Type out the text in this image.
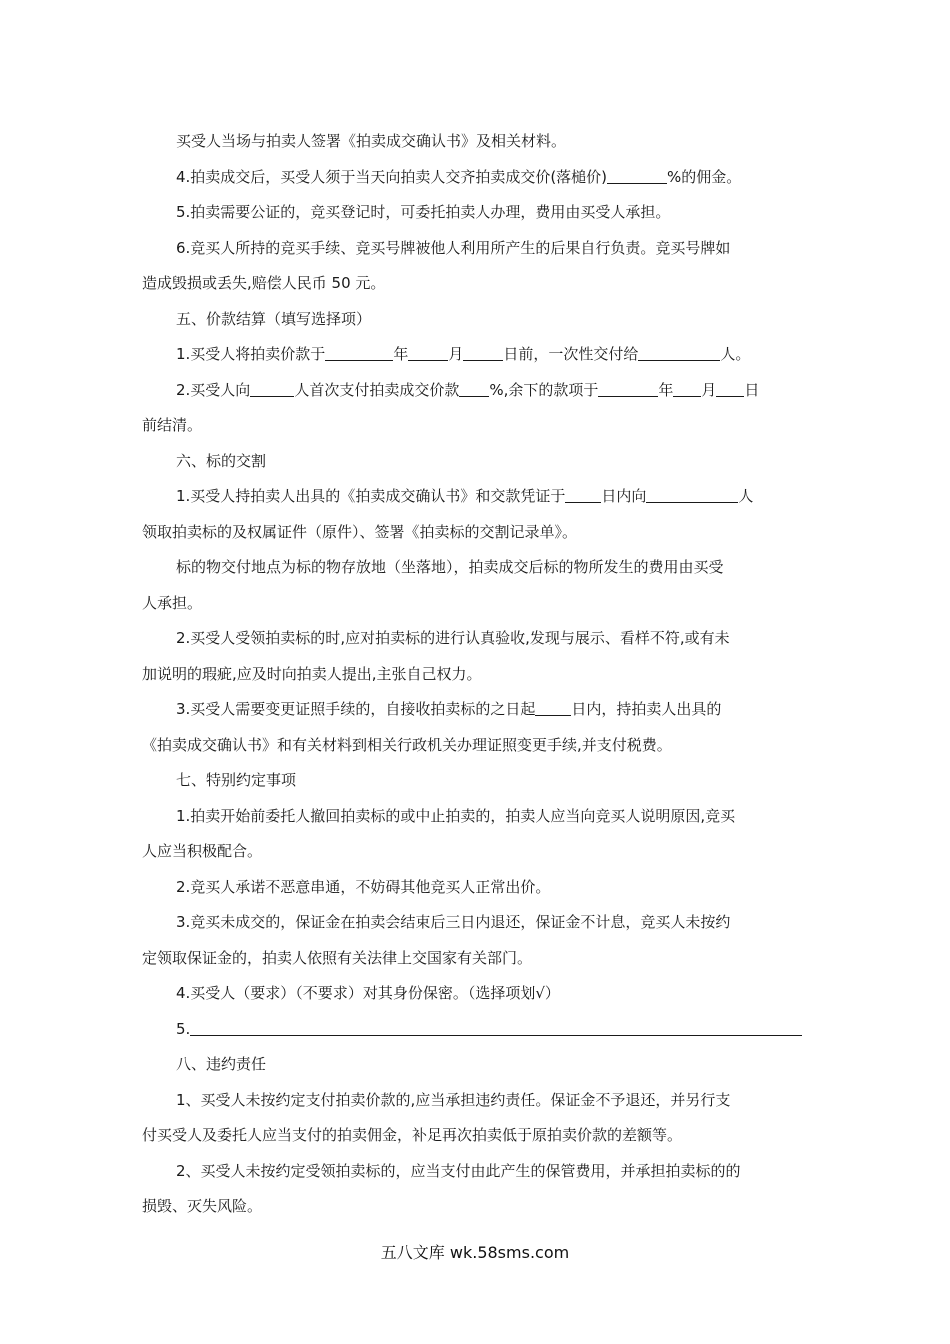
买受人当场与拍卖人签署《拍卖成交确认书》及相关材料。

4.拍卖成交后，买受人须于当天向拍卖人交齐拍卖成交价(落槌价)	%的佣金。

5.拍卖需要公证的，竞买登记时，可委托拍卖人办理，费用由买受人承担。

6.竞买人所持的竞买手续、竞买号牌被他人利用所产生的后果自行负责。竞买号牌如

造成毁损或丢失,赔偿人民币 50 元。

五、价款结算（填写选择项）

1.买受人将拍卖价款于	年	月	日前，一次性交付给	人。

2.买受人向	人首次支付拍卖成交价款 %,余下的款项于	年 月 日

前结清。

六、标的交割

1.买受人持拍卖人出具的《拍卖成交确认书》和交款凭证于 日内向	人

领取拍卖标的及权属证件（原件）、签署《拍卖标的交割记录单》。

标的物交付地点为标的物存放地（坐落地），拍卖成交后标的物所发生的费用由买受

人承担。

2.买受人受领拍卖标的时,应对拍卖标的进行认真验收,发现与展示、看样不符,或有未

加说明的瑕疵,应及时向拍卖人提出,主张自己权力。

3.买受人需要变更证照手续的，自接收拍卖标的之日起 日内，持拍卖人出具的

《拍卖成交确认书》和有关材料到相关行政机关办理证照变更手续,并支付税费。

七、特别约定事项

1.拍卖开始前委托人撤回拍卖标的或中止拍卖的，拍卖人应当向竞买人说明原因,竞买

人应当积极配合。

2.竞买人承诺不恶意串通，不妨碍其他竞买人正常出价。

3.竞买未成交的，保证金在拍卖会结束后三日内退还，保证金不计息，竞买人未按约

定领取保证金的，拍卖人依照有关法律上交国家有关部门。

4.买受人（要求）（不要求）对其身份保密。（选择项划√）

5.

八、违约责任

1、买受人未按约定支付拍卖价款的,应当承担违约责任。保证金不予退还，并另行支

付买受人及委托人应当支付的拍卖佣金，补足再次拍卖低于原拍卖价款的差额等。

2、买受人未按约定受领拍卖标的，应当支付由此产生的保管费用，并承担拍卖标的的

损毁、灭失风险。

五八文库 wk.58sms.com
